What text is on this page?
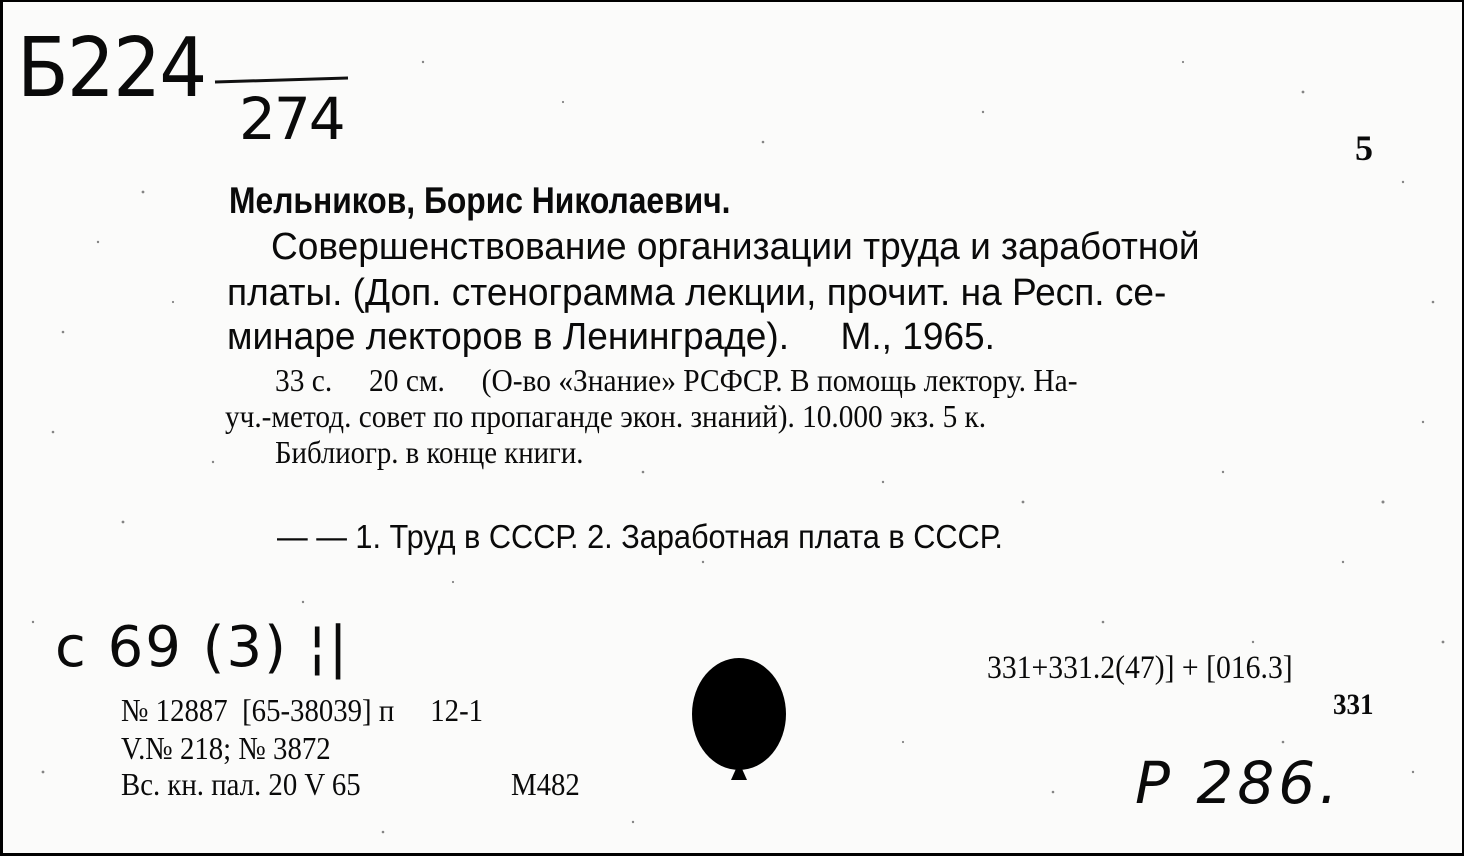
Б224
274	5
Мельников, Борис Николаевич.
Совершенствование организации труда и заработной
платы. (Доп. стенограмма лекции, прочит. на Респ. се-
минаре лекторов в Ленинграде).     М., 1965.
33 с.     20 см.     (О-во «Знание» РСФСР. В помощь лектору. На-
уч.-метод. совет по пропаганде экон. знаний). 10.000 экз. 5 к.
Библиогр. в конце книги.
— — 1. Труд в СССР. 2. Заработная плата в СССР.
с 69 (3) ¦|
№ 12887  [65-38039] п     12-1
V.№ 218; № 3872
Вс. кн. пал. 20 V 65	М482
331+331.2(47)] + [016.3]
331
Р 286.
